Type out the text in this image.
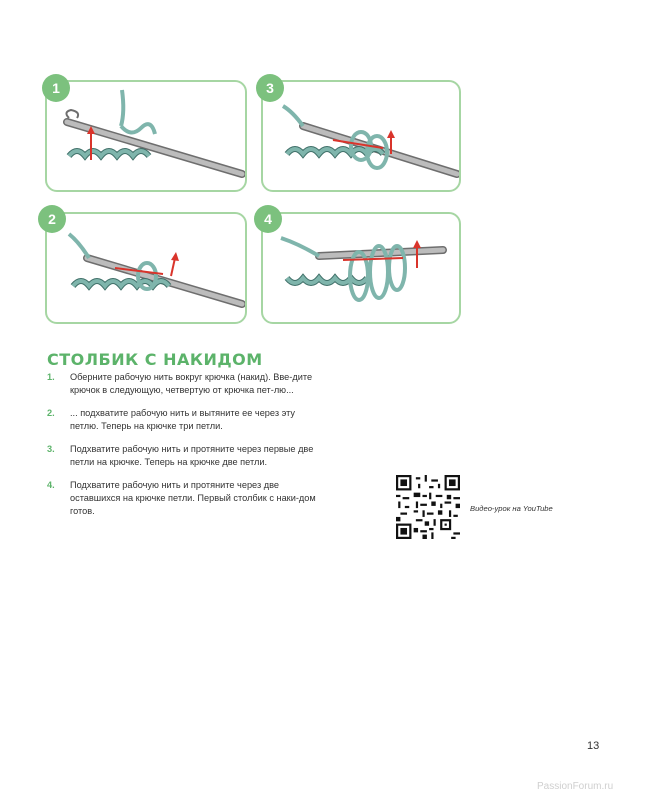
1	3
2	4
СТОЛБИК С НАКИДОМ
1.	Оберните рабочую нить вокруг крючка (накид). Вве-дите крючок в следующую, четвертую от крючка пет-лю...
2.	... подхватите рабочую нить и вытяните ее через эту петлю. Теперь на крючке три петли.
3.	Подхватите рабочую нить и протяните через первые две петли на крючке. Теперь на крючке две петли.
4.	Подхватите рабочую нить и протяните через две оставшихся на крючке петли. Первый столбик с наки-дом готов.	Видео-урок на YouTube
13
PassionForum.ru
